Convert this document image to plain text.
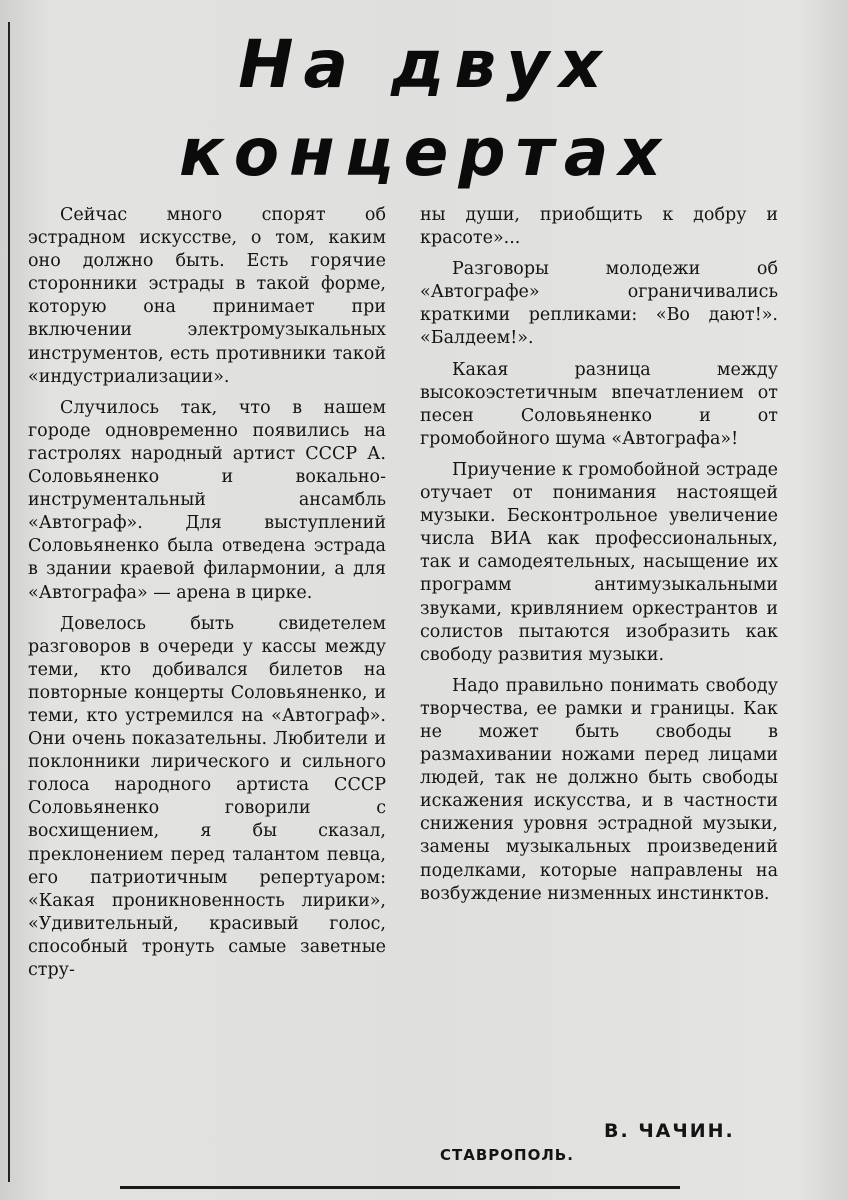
На двух
концертах

Сейчас много спорят об эстрадном искусстве, о том, каким оно должно быть. Есть горячие сторонники эстрады в такой форме, которую она принимает при включении электромузыкальных инструментов, есть противники такой «индустриализации».

Случилось так, что в нашем городе одновременно появились на гастролях народный артист СССР А. Соловьяненко и вокально-инструментальный ансамбль «Автограф». Для выступлений Соловьяненко была отведена эстрада в здании краевой филармонии, а для «Автографа» — арена в цирке.

Довелось быть свидетелем разговоров в очереди у кассы между теми, кто добивался билетов на повторные концерты Соловьяненко, и теми, кто устремился на «Автограф». Они очень показательны. Любители и поклонники лирического и сильного голоса народного артиста СССР Соловьяненко говорили с восхищением, я бы сказал, преклонением перед талантом певца, его патриотичным репертуаром: «Какая проникновенность лирики», «Удивительный, красивый голос, способный тронуть самые заветные стру-

ны души, приобщить к добру и красоте»...

Разговоры молодежи об «Автографе» ограничивались краткими репликами: «Во дают!». «Балдеем!».

Какая разница между высокоэстетичным впечатлением от песен Соловьяненко и от громобойного шума «Автографа»!

Приучение к громобойной эстраде отучает от понимания настоящей музыки. Бесконтрольное увеличение числа ВИА как профессиональных, так и самодеятельных, насыщение их программ антимузыкальными звуками, кривлянием оркестрантов и солистов пытаются изобразить как свободу развития музыки.

Надо правильно понимать свободу творчества, ее рамки и границы. Как не может быть свободы в размахивании ножами перед лицами людей, так не должно быть свободы искажения искусства, и в частности снижения уровня эстрадной музыки, замены музыкальных произведений поделками, которые направлены на возбуждение низменных инстинктов.

В. ЧАЧИН.
СТАВРОПОЛЬ.
